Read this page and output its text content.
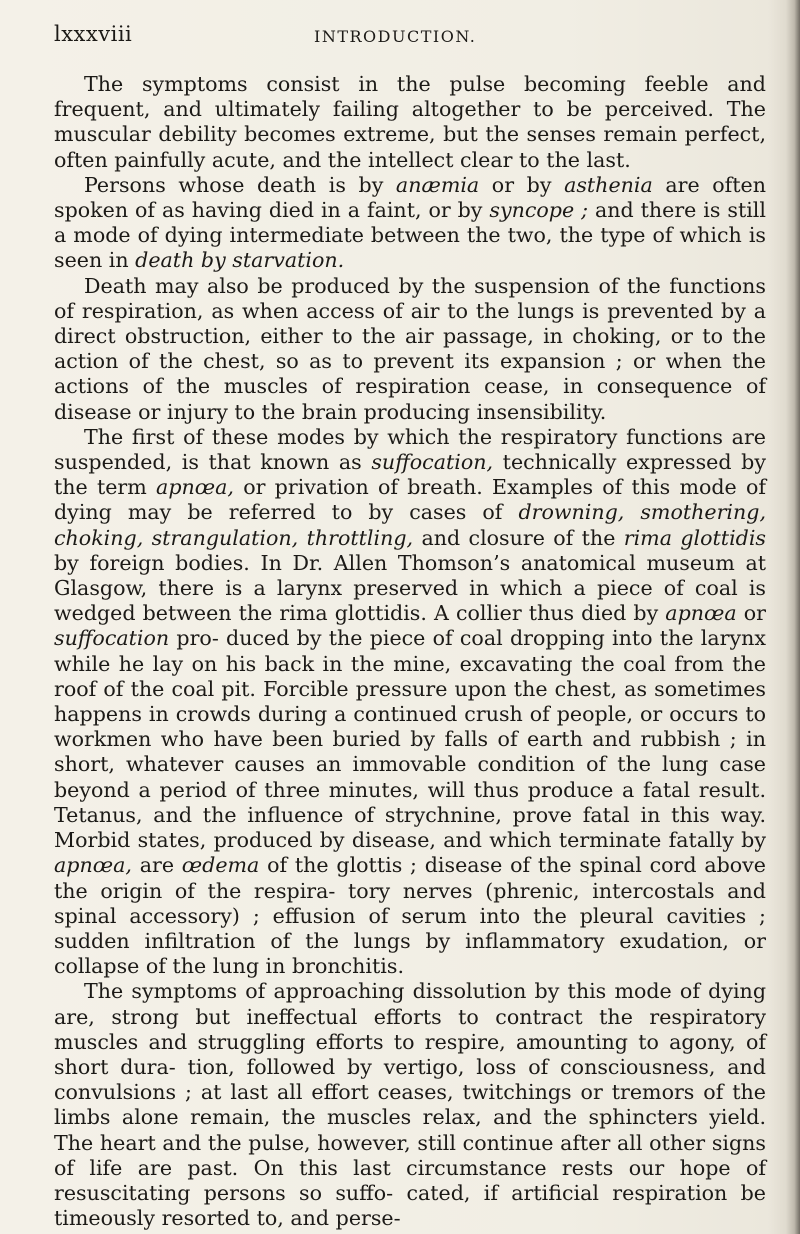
lxxxviii	INTRODUCTION.

The symptoms consist in the pulse becoming feeble and frequent, and ultimately failing altogether to be perceived. The muscular debility becomes extreme, but the senses remain perfect, often painfully acute, and the intellect clear to the last.

Persons whose death is by anæmia or by asthenia are often spoken of as having died in a faint, or by syncope ; and there is still a mode of dying intermediate between the two, the type of which is seen in death by starvation.

Death may also be produced by the suspension of the functions of respiration, as when access of air to the lungs is prevented by a direct obstruction, either to the air passage, in choking, or to the action of the chest, so as to prevent its expansion ; or when the actions of the muscles of respiration cease, in consequence of disease or injury to the brain producing insensibility.

The first of these modes by which the respiratory functions are suspended, is that known as suffocation, technically expressed by the term apnœa, or privation of breath. Examples of this mode of dying may be referred to by cases of drowning, smothering, choking, strangulation, throttling, and closure of the rima glottidis by foreign bodies. In Dr. Allen Thomson’s anatomical museum at Glasgow, there is a larynx preserved in which a piece of coal is wedged between the rima glottidis. A collier thus died by apnœa or suffocation pro- duced by the piece of coal dropping into the larynx while he lay on his back in the mine, excavating the coal from the roof of the coal pit. Forcible pressure upon the chest, as sometimes happens in crowds during a continued crush of people, or occurs to workmen who have been buried by falls of earth and rubbish ; in short, whatever causes an immovable condition of the lung case beyond a period of three minutes, will thus produce a fatal result. Tetanus, and the influence of strychnine, prove fatal in this way. Morbid states, produced by disease, and which terminate fatally by apnœa, are œdema of the glottis ; disease of the spinal cord above the origin of the respira- tory nerves (phrenic, intercostals and spinal accessory) ; effusion of serum into the pleural cavities ; sudden infiltration of the lungs by inflammatory exudation, or collapse of the lung in bronchitis.

The symptoms of approaching dissolution by this mode of dying are, strong but ineffectual efforts to contract the respiratory muscles and struggling efforts to respire, amounting to agony, of short dura- tion, followed by vertigo, loss of consciousness, and convulsions ; at last all effort ceases, twitchings or tremors of the limbs alone remain, the muscles relax, and the sphincters yield. The heart and the pulse, however, still continue after all other signs of life are past. On this last circumstance rests our hope of resuscitating persons so suffo- cated, if artificial respiration be timeously resorted to, and perse-
